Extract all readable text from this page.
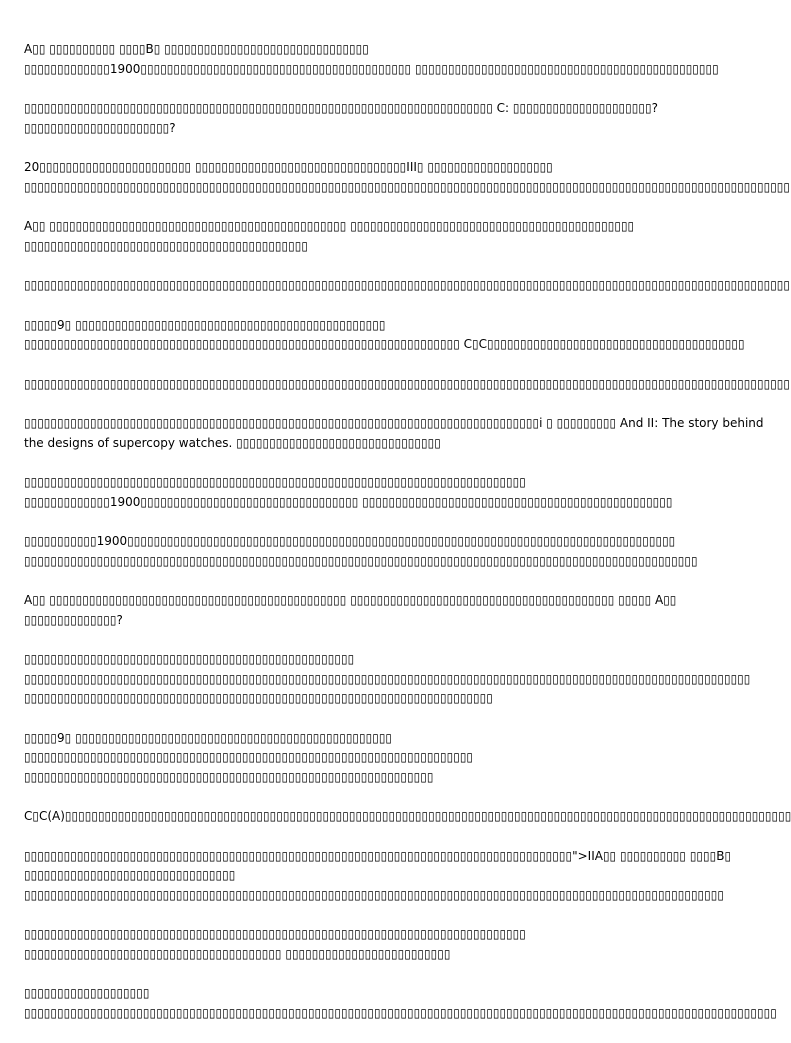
A▯▯ ▯▯▯▯▯▯▯▯▯▯ ▯▯▯▯B▯ ▯▯▯▯▯▯▯▯▯▯▯▯▯▯▯▯▯▯▯▯▯▯▯▯▯▯▯▯▯▯▯
▯▯▯▯▯▯▯▯▯▯▯▯▯1900▯▯▯▯▯▯▯▯▯▯▯▯▯▯▯▯▯▯▯▯▯▯▯▯▯▯▯▯▯▯▯▯▯▯▯▯▯▯▯▯▯ ▯▯▯▯▯▯▯▯▯▯▯▯▯▯▯▯▯▯▯▯▯▯▯▯▯▯▯▯▯▯▯▯▯▯▯▯▯▯▯▯▯▯▯▯▯▯

▯▯▯▯▯▯▯▯▯▯▯▯▯▯▯▯▯▯▯▯▯▯▯▯▯▯▯▯▯▯▯▯▯▯▯▯▯▯▯▯▯▯▯▯▯▯▯▯▯▯▯▯▯▯▯▯▯▯▯▯▯▯▯▯▯▯▯▯▯▯▯ C: ▯▯▯▯▯▯▯▯▯▯▯▯▯▯▯▯▯▯▯▯▯?
▯▯▯▯▯▯▯▯▯▯▯▯▯▯▯▯▯▯▯▯▯▯?

20▯▯▯▯▯▯▯▯▯▯▯▯▯▯▯▯▯▯▯▯▯▯▯ ▯▯▯▯▯▯▯▯▯▯▯▯▯▯▯▯▯▯▯▯▯▯▯▯▯▯▯▯▯▯▯▯III▯ ▯▯▯▯▯▯▯▯▯▯▯▯▯▯▯▯▯▯▯
▯▯▯▯▯▯▯▯▯▯▯▯▯▯▯▯▯▯▯▯▯▯▯▯▯▯▯▯▯▯▯▯▯▯▯▯▯▯▯▯▯▯▯▯▯▯▯▯▯▯▯▯▯▯▯▯▯▯▯▯▯▯▯▯▯▯▯▯▯▯▯▯▯▯▯▯▯▯▯▯▯▯▯▯▯▯▯▯▯▯▯▯▯▯▯▯▯▯▯▯▯▯▯▯▯▯▯▯▯▯▯▯▯▯▯▯

A▯▯ ▯▯▯▯▯▯▯▯▯▯▯▯▯▯▯▯▯▯▯▯▯▯▯▯▯▯▯▯▯▯▯▯▯▯▯▯▯▯▯▯▯▯▯▯▯ ▯▯▯▯▯▯▯▯▯▯▯▯▯▯▯▯▯▯▯▯▯▯▯▯▯▯▯▯▯▯▯▯▯▯▯▯▯▯▯▯▯▯▯
▯▯▯▯▯▯▯▯▯▯▯▯▯▯▯▯▯▯▯▯▯▯▯▯▯▯▯▯▯▯▯▯▯▯▯▯▯▯▯▯▯▯▯

▯▯▯▯▯▯▯▯▯▯▯▯▯▯▯▯▯▯▯▯▯▯▯▯▯▯▯▯▯▯▯▯▯▯▯▯▯▯▯▯▯▯▯▯▯▯▯▯▯▯▯▯▯▯▯▯▯▯▯▯▯▯▯▯▯▯▯▯▯▯▯▯▯▯▯▯▯▯▯▯▯▯▯▯▯▯▯▯▯▯▯▯▯▯▯▯▯▯▯▯▯▯▯▯▯▯▯▯▯▯▯▯▯▯▯▯

▯▯▯▯▯9▯ ▯▯▯▯▯▯▯▯▯▯▯▯▯▯▯▯▯▯▯▯▯▯▯▯▯▯▯▯▯▯▯▯▯▯▯▯▯▯▯▯▯▯▯▯▯▯▯
▯▯▯▯▯▯▯▯▯▯▯▯▯▯▯▯▯▯▯▯▯▯▯▯▯▯▯▯▯▯▯▯▯▯▯▯▯▯▯▯▯▯▯▯▯▯▯▯▯▯▯▯▯▯▯▯▯▯▯▯▯▯▯▯▯▯ C▯C▯▯▯▯▯▯▯▯▯▯▯▯▯▯▯▯▯▯▯▯▯▯▯▯▯▯▯▯▯▯▯▯▯▯▯▯▯▯▯

▯▯▯▯▯▯▯▯▯▯▯▯▯▯▯▯▯▯▯▯▯▯▯▯▯▯▯▯▯▯▯▯▯▯▯▯▯▯▯▯▯▯▯▯▯▯▯▯▯▯▯▯▯▯▯▯▯▯▯▯▯▯▯▯▯▯▯▯▯▯▯▯▯▯▯▯▯▯▯▯▯▯▯▯▯▯▯▯▯▯▯▯▯▯▯▯▯▯▯▯▯▯▯▯▯▯▯▯▯▯▯▯▯▯▯▯

▯▯▯▯▯▯▯▯▯▯▯▯▯▯▯▯▯▯▯▯▯▯▯▯▯▯▯▯▯▯▯▯▯▯▯▯▯▯▯▯▯▯▯▯▯▯▯▯▯▯▯▯▯▯▯▯▯▯▯▯▯▯▯▯▯▯▯▯▯▯▯▯▯▯▯▯▯▯i ▯ ▯▯▯▯▯▯▯▯▯ And II: The story behind
the designs of supercopy watches. ▯▯▯▯▯▯▯▯▯▯▯▯▯▯▯▯▯▯▯▯▯▯▯▯▯▯▯▯▯▯▯

▯▯▯▯▯▯▯▯▯▯▯▯▯▯▯▯▯▯▯▯▯▯▯▯▯▯▯▯▯▯▯▯▯▯▯▯▯▯▯▯▯▯▯▯▯▯▯▯▯▯▯▯▯▯▯▯▯▯▯▯▯▯▯▯▯▯▯▯▯▯▯▯▯▯▯▯
▯▯▯▯▯▯▯▯▯▯▯▯▯1900▯▯▯▯▯▯▯▯▯▯▯▯▯▯▯▯▯▯▯▯▯▯▯▯▯▯▯▯▯▯▯▯▯ ▯▯▯▯▯▯▯▯▯▯▯▯▯▯▯▯▯▯▯▯▯▯▯▯▯▯▯▯▯▯▯▯▯▯▯▯▯▯▯▯▯▯▯▯▯▯▯

▯▯▯▯▯▯▯▯▯▯▯1900▯▯▯▯▯▯▯▯▯▯▯▯▯▯▯▯▯▯▯▯▯▯▯▯▯▯▯▯▯▯▯▯▯▯▯▯▯▯▯▯▯▯▯▯▯▯▯▯▯▯▯▯▯▯▯▯▯▯▯▯▯▯▯▯▯▯▯▯▯▯▯▯▯▯▯▯▯▯▯▯▯▯▯
▯▯▯▯▯▯▯▯▯▯▯▯▯▯▯▯▯▯▯▯▯▯▯▯▯▯▯▯▯▯▯▯▯▯▯▯▯▯▯▯▯▯▯▯▯▯▯▯▯▯▯▯▯▯▯▯▯▯▯▯▯▯▯▯▯▯▯▯▯▯▯▯▯▯▯▯▯▯▯▯▯▯▯▯▯▯▯▯▯▯▯▯▯▯▯▯▯▯▯▯▯▯

A▯▯ ▯▯▯▯▯▯▯▯▯▯▯▯▯▯▯▯▯▯▯▯▯▯▯▯▯▯▯▯▯▯▯▯▯▯▯▯▯▯▯▯▯▯▯▯▯ ▯▯▯▯▯▯▯▯▯▯▯▯▯▯▯▯▯▯▯▯▯▯▯▯▯▯▯▯▯▯▯▯▯▯▯▯▯▯▯▯ ▯▯▯▯▯ A▯▯
▯▯▯▯▯▯▯▯▯▯▯▯▯▯?

▯▯▯▯▯▯▯▯▯▯▯▯▯▯▯▯▯▯▯▯▯▯▯▯▯▯▯▯▯▯▯▯▯▯▯▯▯▯▯▯▯▯▯▯▯▯▯▯▯▯
▯▯▯▯▯▯▯▯▯▯▯▯▯▯▯▯▯▯▯▯▯▯▯▯▯▯▯▯▯▯▯▯▯▯▯▯▯▯▯▯▯▯▯▯▯▯▯▯▯▯▯▯▯▯▯▯▯▯▯▯▯▯▯▯▯▯▯▯▯▯▯▯▯▯▯▯▯▯▯▯▯▯▯▯▯▯▯▯▯▯▯▯▯▯▯▯▯▯▯▯▯▯▯▯▯▯▯▯▯▯
▯▯▯▯▯▯▯▯▯▯▯▯▯▯▯▯▯▯▯▯▯▯▯▯▯▯▯▯▯▯▯▯▯▯▯▯▯▯▯▯▯▯▯▯▯▯▯▯▯▯▯▯▯▯▯▯▯▯▯▯▯▯▯▯▯▯▯▯▯▯▯

▯▯▯▯▯9▯ ▯▯▯▯▯▯▯▯▯▯▯▯▯▯▯▯▯▯▯▯▯▯▯▯▯▯▯▯▯▯▯▯▯▯▯▯▯▯▯▯▯▯▯▯▯▯▯▯
▯▯▯▯▯▯▯▯▯▯▯▯▯▯▯▯▯▯▯▯▯▯▯▯▯▯▯▯▯▯▯▯▯▯▯▯▯▯▯▯▯▯▯▯▯▯▯▯▯▯▯▯▯▯▯▯▯▯▯▯▯▯▯▯▯▯▯▯
▯▯▯▯▯▯▯▯▯▯▯▯▯▯▯▯▯▯▯▯▯▯▯▯▯▯▯▯▯▯▯▯▯▯▯▯▯▯▯▯▯▯▯▯▯▯▯▯▯▯▯▯▯▯▯▯▯▯▯▯▯▯

C▯C(A)▯▯▯▯▯▯▯▯▯▯▯▯▯▯▯▯▯▯▯▯▯▯▯▯▯▯▯▯▯▯▯▯▯▯▯▯▯▯▯▯▯▯▯▯▯▯▯▯▯▯▯▯▯▯▯▯▯▯▯▯▯▯▯▯▯▯▯▯▯▯▯▯▯▯▯▯▯▯▯▯▯▯▯▯▯▯▯▯▯▯▯▯▯▯▯▯▯▯▯▯▯▯▯▯▯▯▯▯▯▯

▯▯▯▯▯▯▯▯▯▯▯▯▯▯▯▯▯▯▯▯▯▯▯▯▯▯▯▯▯▯▯▯▯▯▯▯▯▯▯▯▯▯▯▯▯▯▯▯▯▯▯▯▯▯▯▯▯▯▯▯▯▯▯▯▯▯▯▯▯▯▯▯▯▯▯▯▯▯▯▯▯▯▯">IIA▯▯ ▯▯▯▯▯▯▯▯▯▯ ▯▯▯▯B▯
▯▯▯▯▯▯▯▯▯▯▯▯▯▯▯▯▯▯▯▯▯▯▯▯▯▯▯▯▯▯▯▯
▯▯▯▯▯▯▯▯▯▯▯▯▯▯▯▯▯▯▯▯▯▯▯▯▯▯▯▯▯▯▯▯▯▯▯▯▯▯▯▯▯▯▯▯▯▯▯▯▯▯▯▯▯▯▯▯▯▯▯▯▯▯▯▯▯▯▯▯▯▯▯▯▯▯▯▯▯▯▯▯▯▯▯▯▯▯▯▯▯▯▯▯▯▯▯▯▯▯▯▯▯▯▯▯▯▯

▯▯▯▯▯▯▯▯▯▯▯▯▯▯▯▯▯▯▯▯▯▯▯▯▯▯▯▯▯▯▯▯▯▯▯▯▯▯▯▯▯▯▯▯▯▯▯▯▯▯▯▯▯▯▯▯▯▯▯▯▯▯▯▯▯▯▯▯▯▯▯▯▯▯▯▯
▯▯▯▯▯▯▯▯▯▯▯▯▯▯▯▯▯▯▯▯▯▯▯▯▯▯▯▯▯▯▯▯▯▯▯▯▯▯▯ ▯▯▯▯▯▯▯▯▯▯▯▯▯▯▯▯▯▯▯▯▯▯▯▯▯

▯▯▯▯▯▯▯▯▯▯▯▯▯▯▯▯▯▯▯
▯▯▯▯▯▯▯▯▯▯▯▯▯▯▯▯▯▯▯▯▯▯▯▯▯▯▯▯▯▯▯▯▯▯▯▯▯▯▯▯▯▯▯▯▯▯▯▯▯▯▯▯▯▯▯▯▯▯▯▯▯▯▯▯▯▯▯▯▯▯▯▯▯▯▯▯▯▯▯▯▯▯▯▯▯▯▯▯▯▯▯▯▯▯▯▯▯▯▯▯▯▯▯▯▯▯▯▯▯▯▯▯▯▯
